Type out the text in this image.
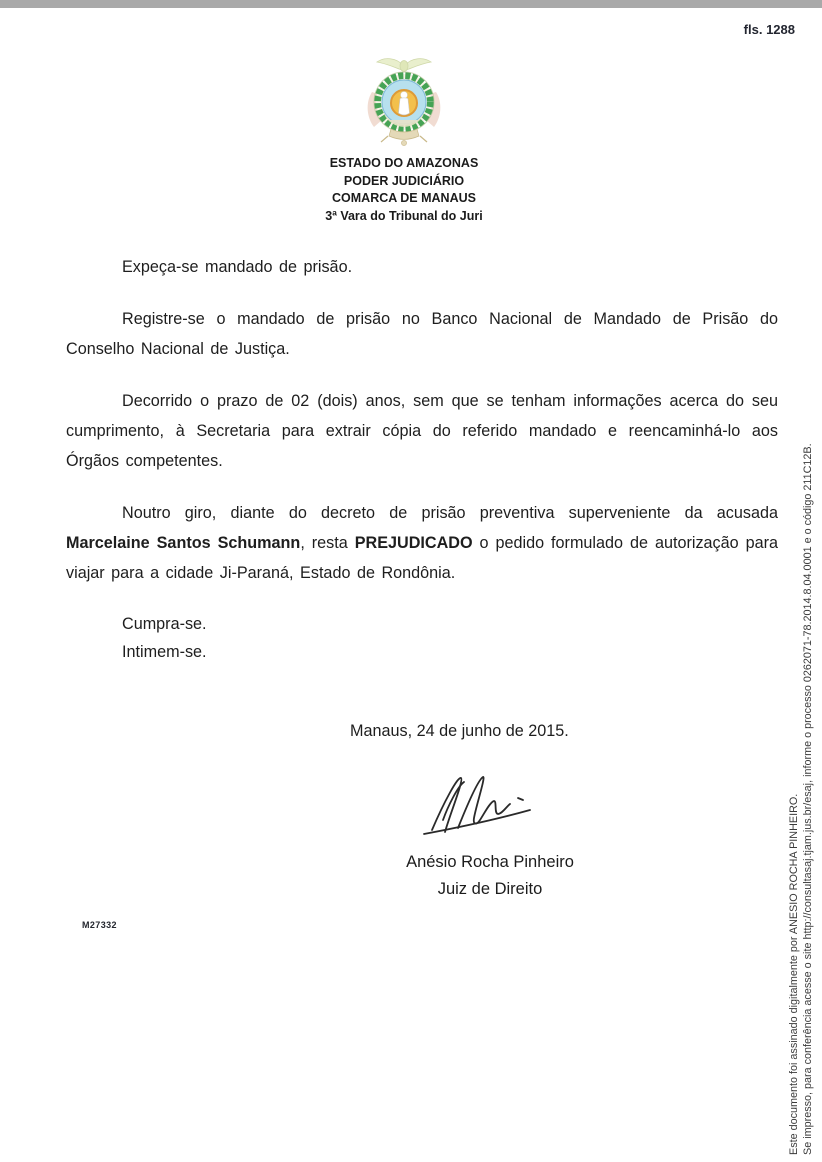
fls. 1288
ESTADO DO AMAZONAS
PODER JUDICIÁRIO
COMARCA DE MANAUS
3ª Vara do Tribunal do Juri

Expeça-se mandado de prisão.

Registre-se o mandado de prisão no Banco Nacional de Mandado de Prisão do Conselho Nacional de Justiça.

Decorrido o prazo de 02 (dois) anos, sem que se tenham informações acerca do seu cumprimento, à Secretaria para extrair cópia do referido mandado e reencaminhá-lo aos Órgãos competentes.

Noutro giro, diante do decreto de prisão preventiva superveniente da acusada Marcelaine Santos Schumann, resta PREJUDICADO o pedido formulado de autorização para viajar para a cidade Ji-Paraná, Estado de Rondônia.

Cumpra-se.
Intimem-se.
Manaus, 24 de junho de 2015.
Anésio Rocha Pinheiro
Juiz de Direito
M27332	Este documento foi assinado digitalmente por ANESIO ROCHA PINHEIRO. Se impresso, para conferência acesse o site http://consultasaj.tjam.jus.br/esaj, informe o processo 0262071-78.2014.8.04.0001 e o código 211C12B.
